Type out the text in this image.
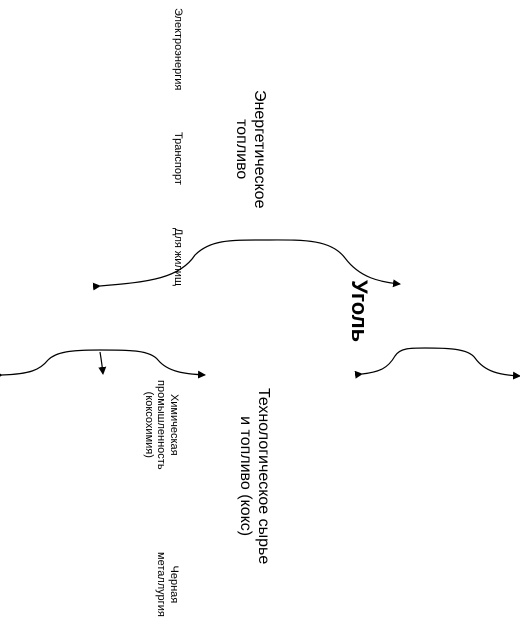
Электроэнергия
Транспорт
Для жилищ
Энергетическое
топливо
Уголь
Технологическое сырье
и топливо (кокс)
Химическая
промышленность
(коксохимия)
Черная
металлургия
